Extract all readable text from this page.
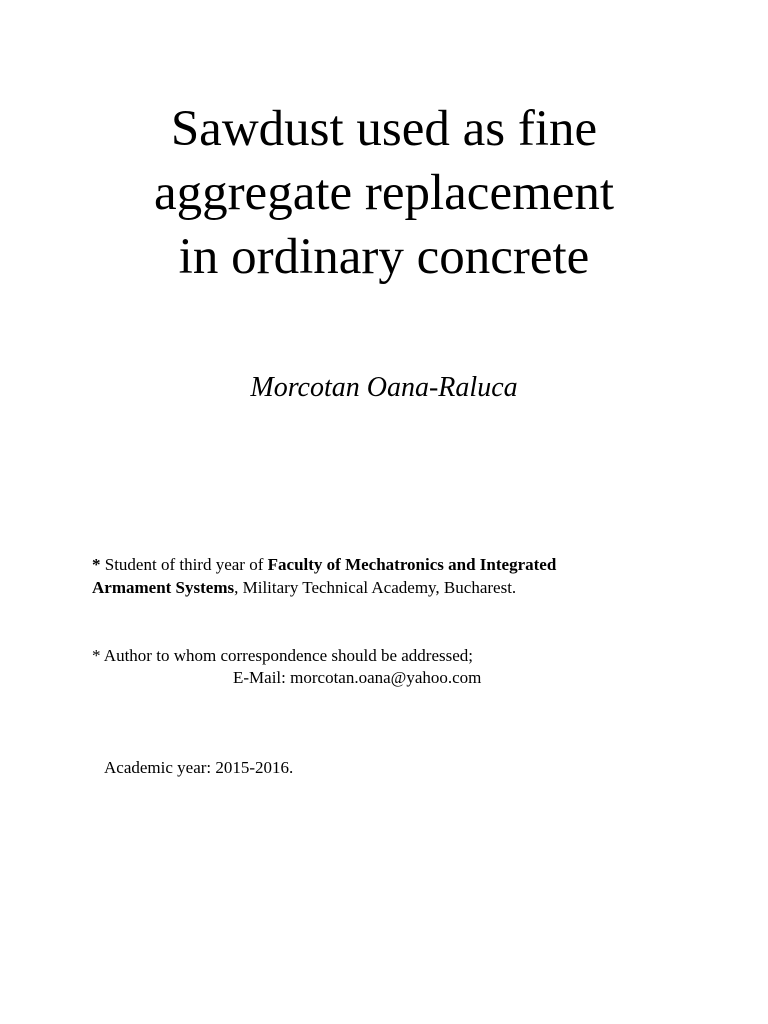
Sawdust used as fine
aggregate replacement
in ordinary concrete
Morcotan Oana-Raluca
* Student of third year of Faculty of Mechatronics and Integrated
Armament Systems, Military Technical Academy, Bucharest.
* Author to whom correspondence should be addressed;
E-Mail: morcotan.oana@yahoo.com
Academic year: 2015-2016.
